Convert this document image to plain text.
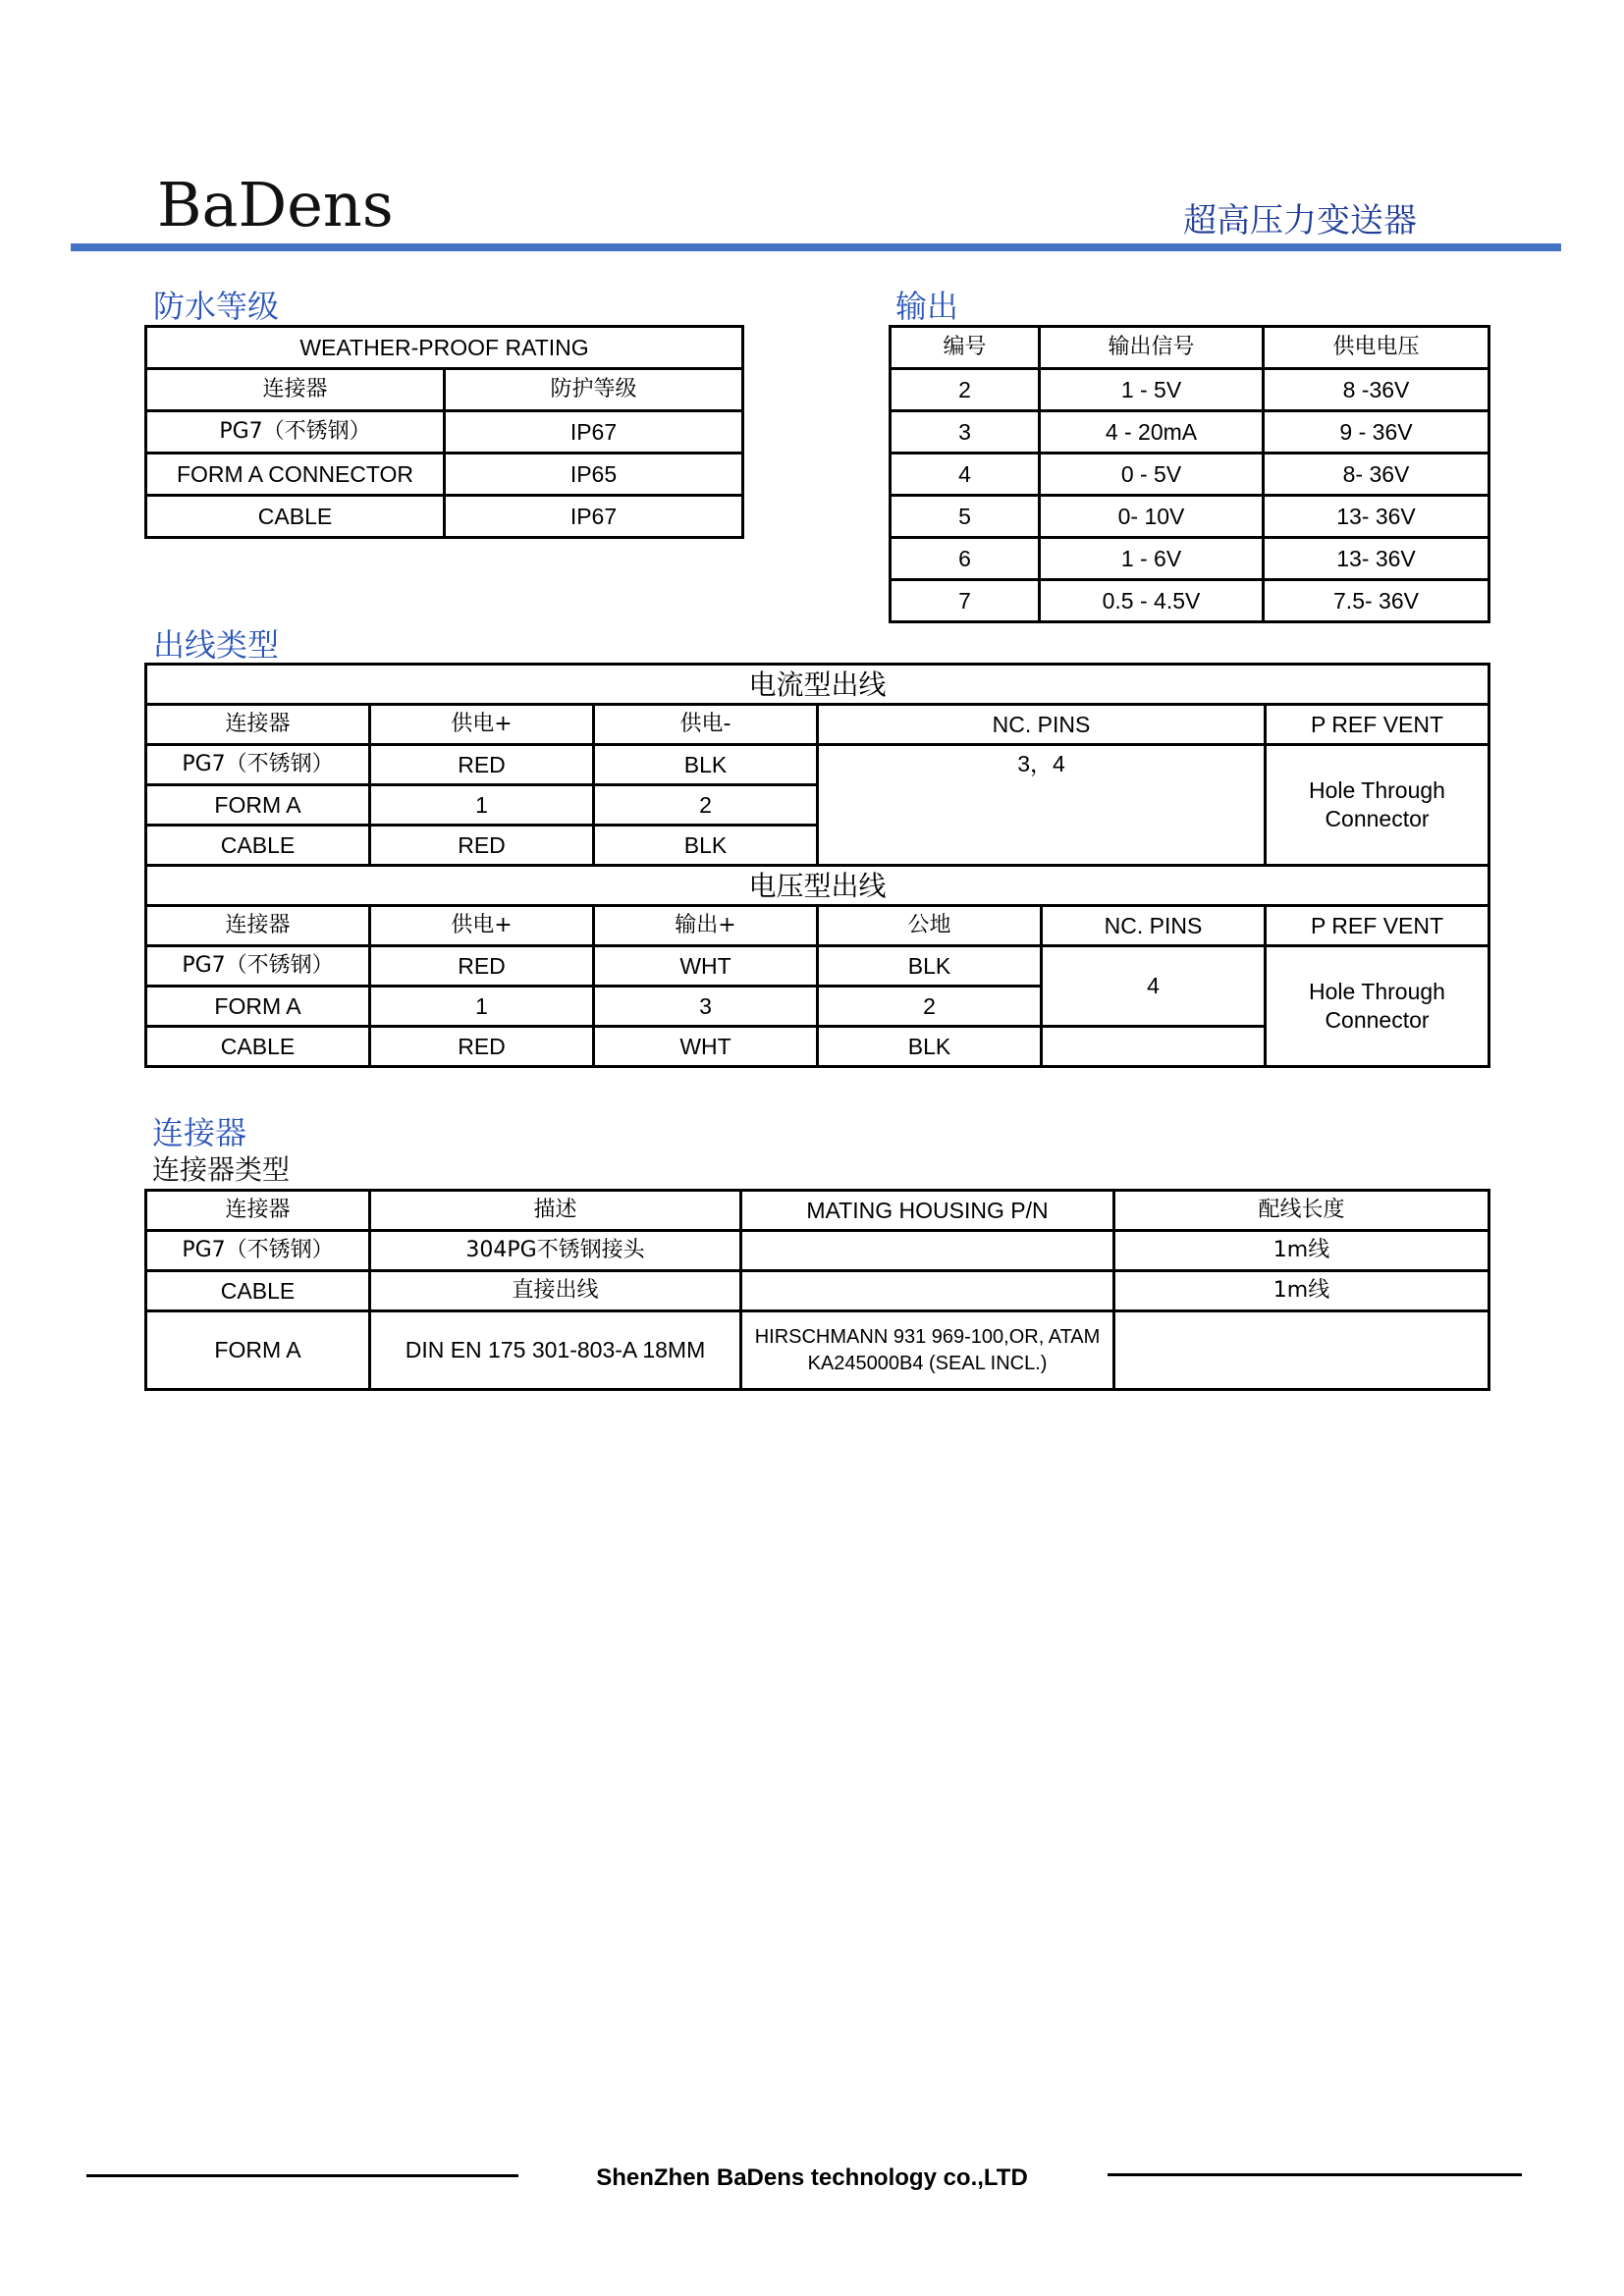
BaDens	超高压力变送器
防水等级
WEATHER-PROOF RATING	
连接器	防护等级
PG7（不锈钢）	IP67
FORM A CONNECTOR	IP65
CABLE	IP67
输出
编号	输出信号	供电电压
2	1 - 5V	8 -36V
3	4 - 20mA	9 - 36V
4	0 - 5V	8- 36V
5	0- 10V	13- 36V
6	1 - 6V	13- 36V
7	0.5 - 4.5V	7.5- 36V
出线类型
电流型出线					
连接器	供电+	供电-	NC. PINS		P REF VENT
PG7（不锈钢）	RED	BLK	3，4		Hole Through Connector
FORM A	1	2			
CABLE	RED	BLK			
电压型出线					
连接器	供电+	输出+	公地	NC. PINS	P REF VENT
PG7（不锈钢）	RED	WHT	BLK	4	Hole Through Connector
FORM A	1	3	2		
CABLE	RED	WHT	BLK		
连接器
连接器类型
连接器	描述	MATING HOUSING P/N	配线长度
PG7（不锈钢）	304PG不锈钢接头		1m线
CABLE	直接出线		1m线
FORM A	DIN EN 175 301-803-A 18MM	HIRSCHMANN 931 969-100,OR, ATAM KA245000B4 (SEAL INCL.)	
ShenZhen BaDens technology co.,LTD
